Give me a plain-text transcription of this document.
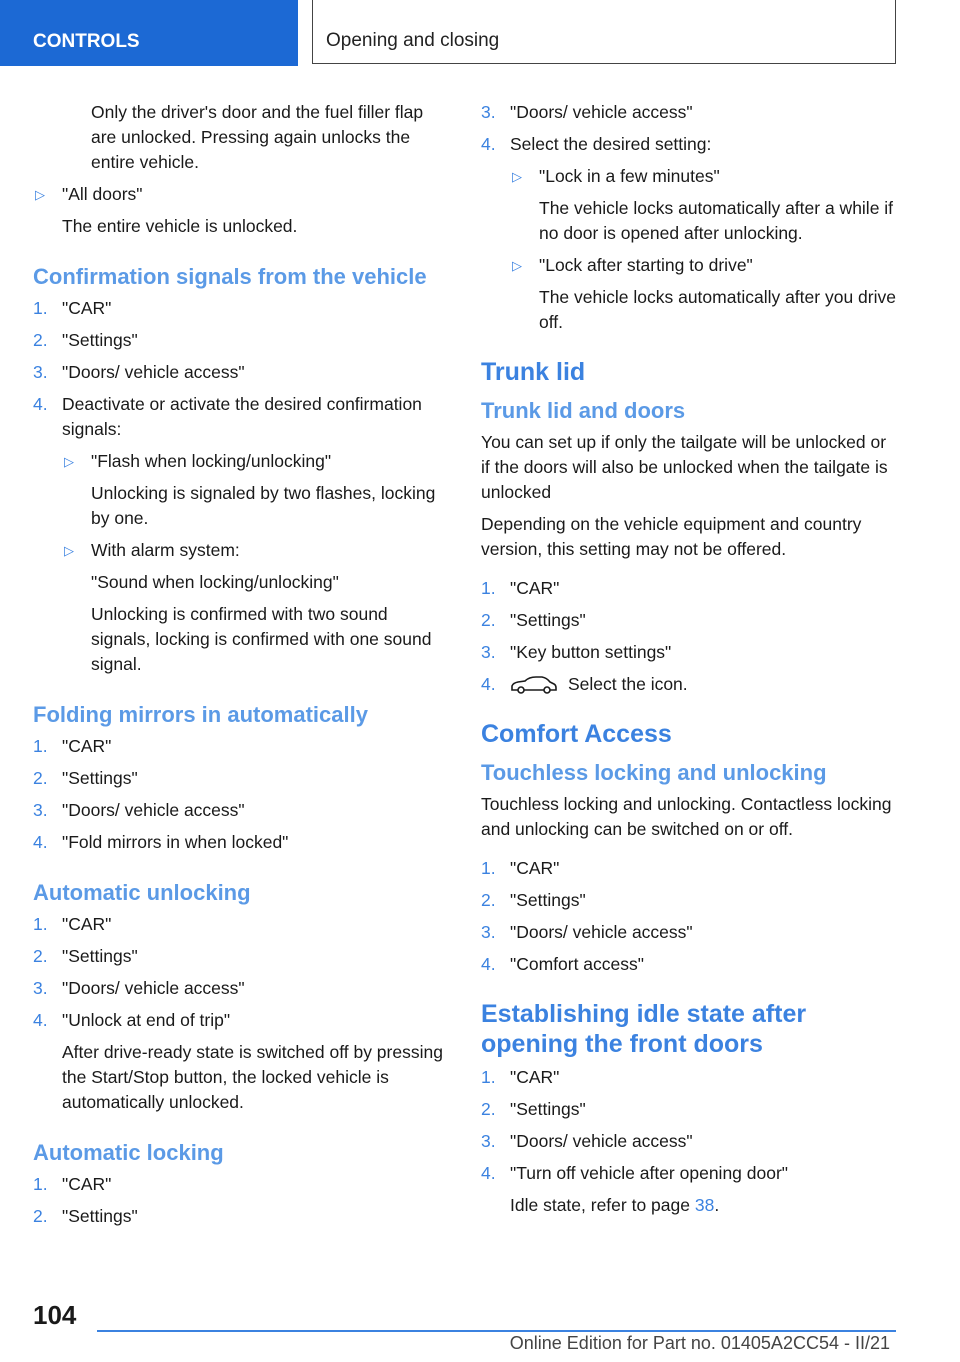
CONTROLS	Opening and closing

Only the driver's door and the fuel filler flap are unlocked. Pressing again unlocks the entire vehicle.

▷ "All doors"
The entire vehicle is unlocked.
Confirmation signals from the vehicle
1. "CAR"
2. "Settings"
3. "Doors/ vehicle access"
4. Deactivate or activate the desired confirmation signals:
▷ "Flash when locking/unlocking"
Unlocking is signaled by two flashes, locking by one.
▷ With alarm system:
"Sound when locking/unlocking"
Unlocking is confirmed with two sound signals, locking is confirmed with one sound signal.
Folding mirrors in automatically
1. "CAR"
2. "Settings"
3. "Doors/ vehicle access"
4. "Fold mirrors in when locked"
Automatic unlocking
1. "CAR"
2. "Settings"
3. "Doors/ vehicle access"
4. "Unlock at end of trip"
After drive-ready state is switched off by pressing the Start/Stop button, the locked vehicle is automatically unlocked.
Automatic locking
1. "CAR"
2. "Settings"
3. "Doors/ vehicle access"
4. Select the desired setting:
▷ "Lock in a few minutes"
The vehicle locks automatically after a while if no door is opened after unlocking.
▷ "Lock after starting to drive"
The vehicle locks automatically after you drive off.
Trunk lid
Trunk lid and doors

You can set up if only the tailgate will be unlocked or if the doors will also be unlocked when the tailgate is unlocked

Depending on the vehicle equipment and country version, this setting may not be offered.

1. "CAR"
2. "Settings"
3. "Key button settings"
4.	Select the icon.
Comfort Access
Touchless locking and unlocking

Touchless locking and unlocking. Contactless locking and unlocking can be switched on or off.

1. "CAR"
2. "Settings"
3. "Doors/ vehicle access"
4. "Comfort access"
Establishing idle state after opening the front doors
1. "CAR"
2. "Settings"
3. "Doors/ vehicle access"
4. "Turn off vehicle after opening door"
Idle state, refer to page 38.
104
Online Edition for Part no. 01405A2CC54 - II/21
